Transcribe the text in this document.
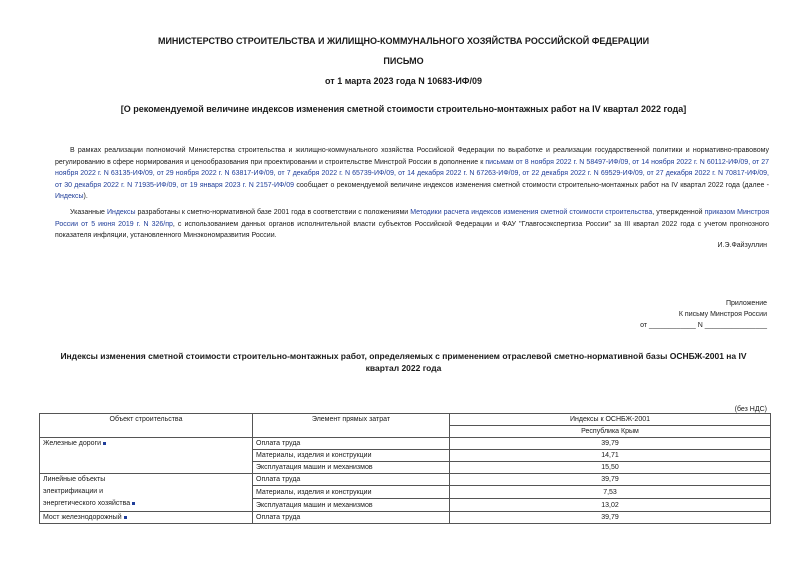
МИНИСТЕРСТВО СТРОИТЕЛЬСТВА И ЖИЛИЩНО-КОММУНАЛЬНОГО ХОЗЯЙСТВА РОССИЙСКОЙ ФЕДЕРАЦИИ
ПИСЬМО
от 1 марта 2023 года N 10683-ИФ/09
[О рекомендуемой величине индексов изменения сметной стоимости строительно-монтажных работ на IV квартал 2022 года]
В рамках реализации полномочий Министерства строительства и жилищно-коммунального хозяйства Российской Федерации по выработке и реализации государственной политики и нормативно-правовому регулированию в сфере нормирования и ценообразования при проектировании и строительстве Минстрой России в дополнение к письмам от 8 ноября 2022 г. N 58497-ИФ/09, от 14 ноября 2022 г. N 60112-ИФ/09, от 27 ноября 2022 г. N 63135-ИФ/09, от 29 ноября 2022 г. N 63817-ИФ/09, от 7 декабря 2022 г. N 65739-ИФ/09, от 14 декабря 2022 г. N 67263-ИФ/09, от 22 декабря 2022 г. N 69529-ИФ/09, от 27 декабря 2022 г. N 70817-ИФ/09, от 30 декабря 2022 г. N 71935-ИФ/09, от 19 января 2023 г. N 2157-ИФ/09 сообщает о рекомендуемой величине индексов изменения сметной стоимости строительно-монтажных работ на IV квартал 2022 года (далее - Индексы).
Указанные Индексы разработаны к сметно-нормативной базе 2001 года в соответствии с положениями Методики расчета индексов изменения сметной стоимости строительства, утвержденной приказом Минстроя России от 5 июня 2019 г. N 326/пр, с использованием данных органов исполнительной власти субъектов Российской Федерации и ФАУ "Главгосэкспертиза России" за III квартал 2022 года с учетом прогнозного показателя инфляции, установленного Минэкономразвития России.
И.Э.Файзуллин
Приложение
К письму Минстроя России
от ____________ N ________________
Индексы изменения сметной стоимости строительно-монтажных работ, определяемых с применением отраслевой сметно-нормативной базы ОСНБЖ-2001 на IV квартал 2022 года
(без НДС)
Объект строительства	Элемент прямых затрат	Индексы к ОСНБЖ-2001
		Республика Крым
Железные дороги	Оплата труда	39,79
	Материалы, изделия и конструкции	14,71
	Эксплуатация машин и механизмов	15,50

Линейные объекты
электрификации и
энергетического хозяйства	Оплата труда	39,79
	Материалы, изделия и конструкции	7,53
	Эксплуатация машин и механизмов	13,02
Мост железнодорожный	Оплата труда	39,79
